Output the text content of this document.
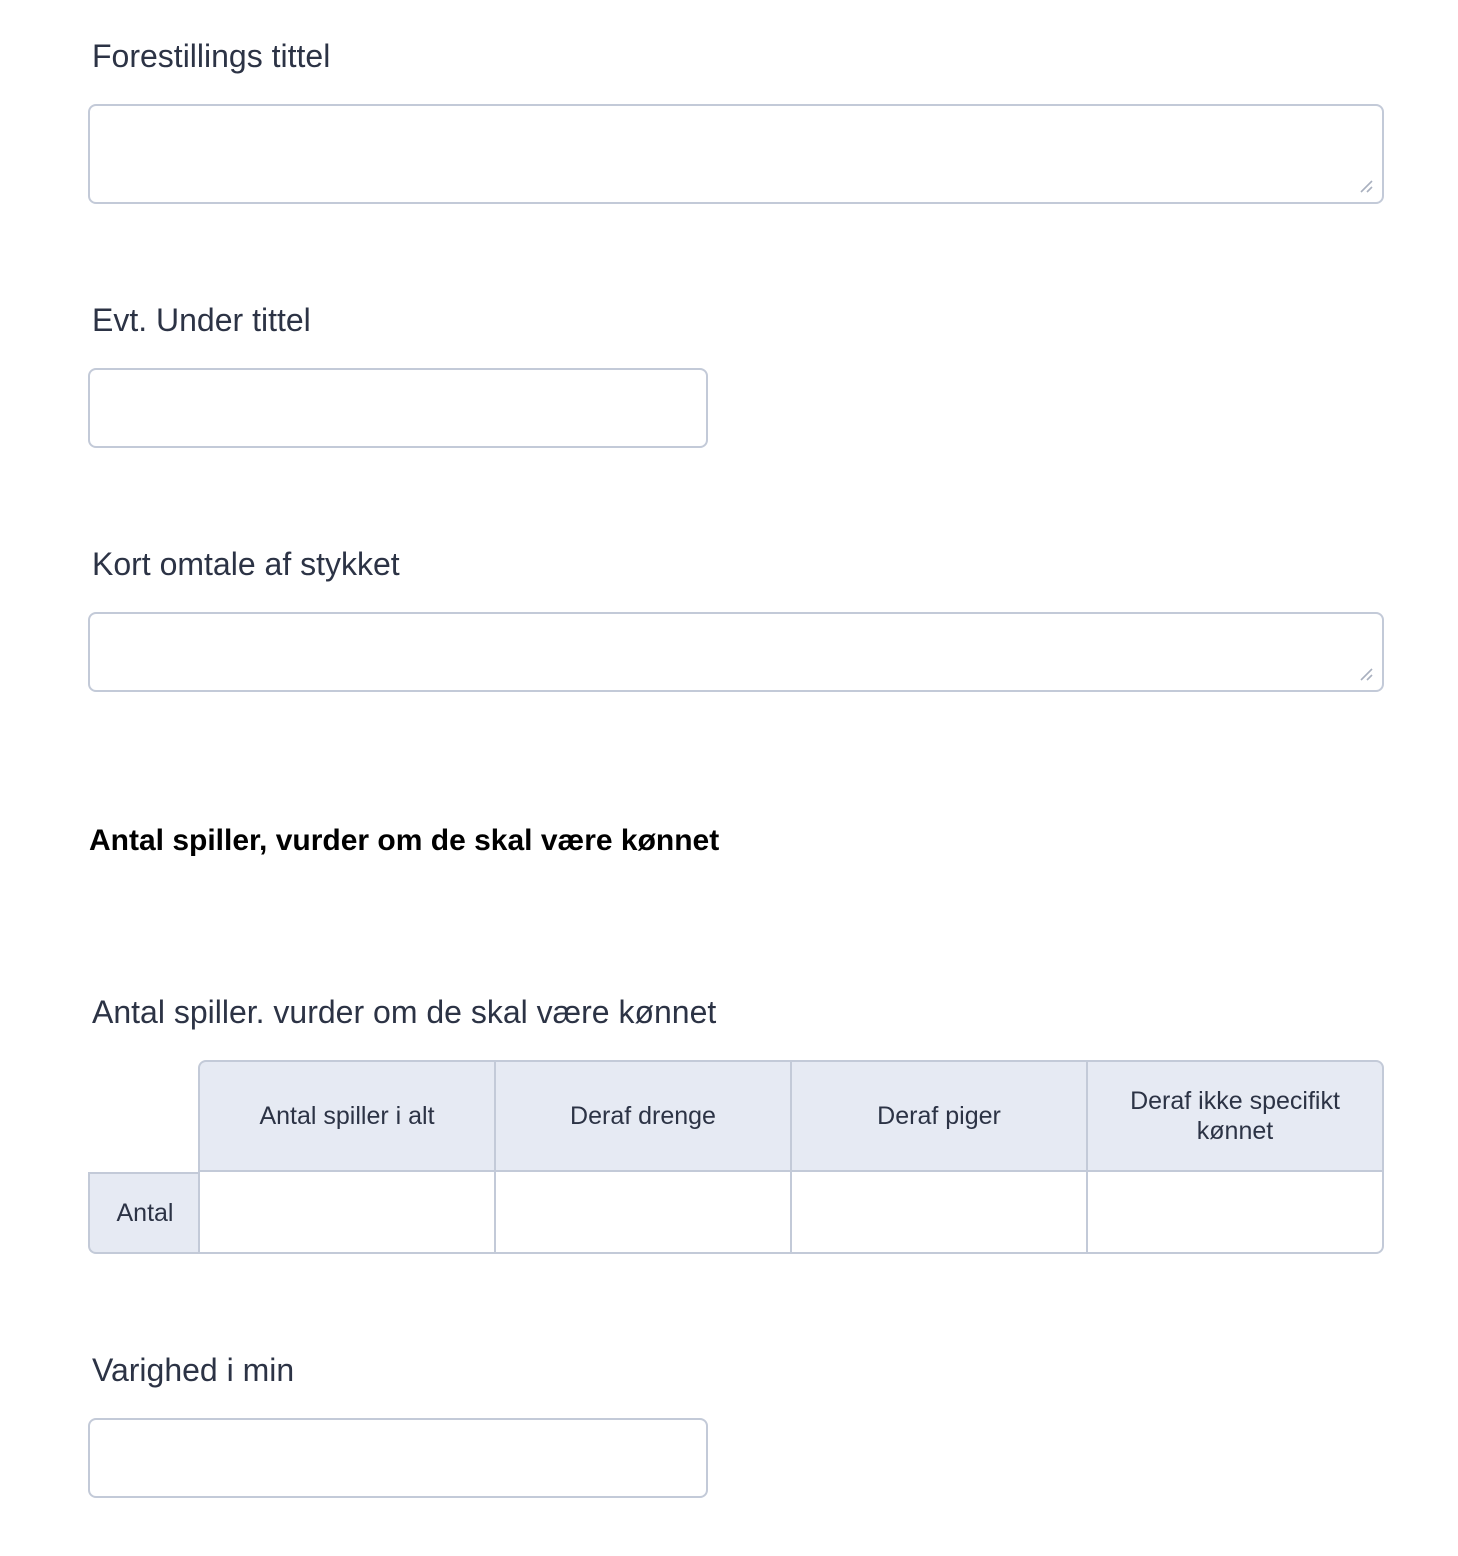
Forestillings tittel
Evt. Under tittel
Kort omtale af stykket
Antal spiller, vurder om de skal være kønnet
Antal spiller. vurder om de skal være kønnet
Antal spiller i alt	Deraf drenge	Deraf piger
Deraf ikke specifikt kønnet
Antal
Varighed i min
